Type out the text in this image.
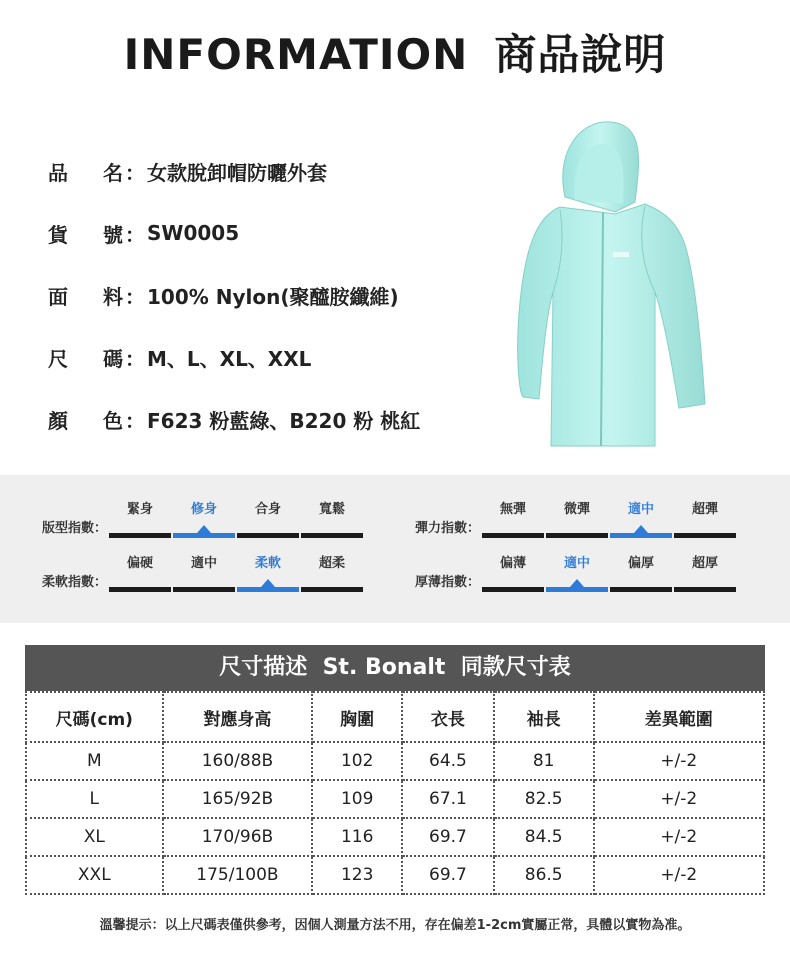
INFORMATION 商品說明
品	名 ： 女款脫卸帽防曬外套
貨	號 ： SW0005
面	料 ： 100% Nylon(聚醯胺纖維)
尺	碼 ： M、L、XL、XXL
顏	色 ： F623 粉藍綠、B220 粉 桃紅
版型指數：
緊身	修身	合身	寬鬆
彈力指數：
無彈	微彈	適中	超彈
柔軟指數：
偏硬	適中	柔軟	超柔
厚薄指數：
偏薄	適中	偏厚	超厚
尺寸描述  St. Bonalt  同款尺寸表
尺碼(cm)	對應身高	胸圍	衣長	袖長	差異範圍
M	160/88B	102	64.5	81	+/-2
L	165/92B	109	67.1	82.5	+/-2
XL	170/96B	116	69.7	84.5	+/-2
XXL	175/100B	123	69.7	86.5	+/-2
溫馨提示：以上尺碼表僅供參考，因個人測量方法不用，存在偏差1-2cm實屬正常，具體以實物為准。
